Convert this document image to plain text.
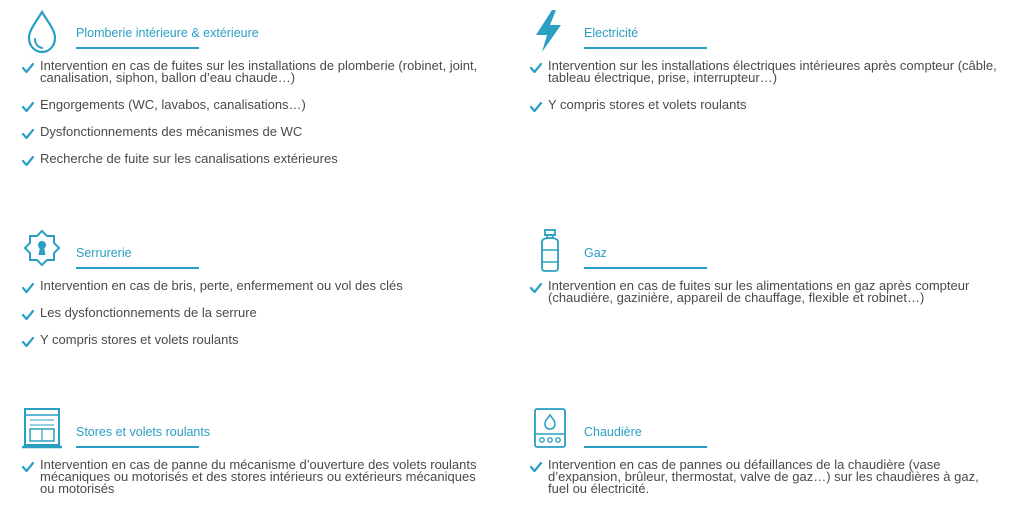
Plomberie intérieure & extérieure
Intervention en cas de fuites sur les installations de plomberie (robinet, joint, canalisation, siphon, ballon d’eau chaude…)
Engorgements (WC, lavabos, canalisations…)
Dysfonctionnements des mécanismes de WC
Recherche de fuite sur les canalisations extérieures
Electricité
Intervention sur les installations électriques intérieures après compteur (câble, tableau électrique, prise, interrupteur…)
Y compris stores et volets roulants
Serrurerie
Intervention en cas de bris, perte, enfermement ou vol des clés
Les dysfonctionnements de la serrure
Y compris stores et volets roulants
Gaz
Intervention en cas de fuites sur les alimentations en gaz après compteur (chaudière, gazinière, appareil de chauffage, flexible et robinet…)
Stores et volets roulants
Intervention en cas de panne du mécanisme d’ouverture des volets roulants mécaniques ou motorisés et des stores intérieurs ou extérieurs mécaniques ou motorisés
Chaudière
Intervention en cas de pannes ou défaillances de la chaudière (vase d’expansion, brûleur, thermostat, valve de gaz…) sur les chaudières à gaz, fuel ou électricité.
